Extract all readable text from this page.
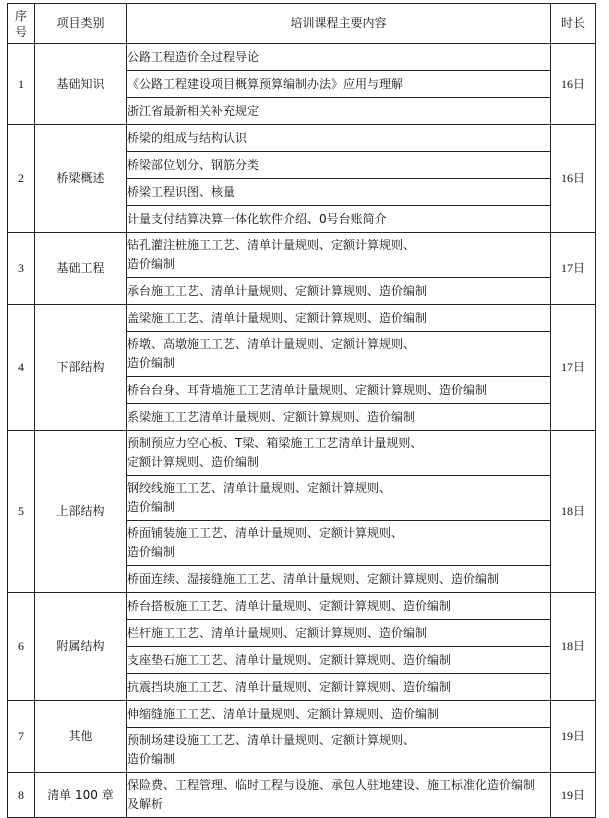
序
号	项目类别	培训课程主要内容	时长
1	基础知识	公路工程造价全过程导论	16日

		《公路工程建设项目概算预算编制办法》应用与理解	

		浙江省最新相关补充规定	

2	桥梁概述	桥梁的组成与结构认识	16日

		桥梁部位划分、钢筋分类	

		桥梁工程识图、核量	

		计量支付结算决算一体化软件介绍、0号台账简介	

3	基础工程	钻孔灌注桩施工工艺、清单计量规则、定额计算规则、
造价编制	17日

		承台施工工艺、清单计量规则、定额计算规则、造价编制	

4	下部结构	盖梁施工工艺、清单计量规则、定额计算规则、造价编制	17日

		桥墩、高墩施工工艺、清单计量规则、定额计算规则、
造价编制	

		桥台台身、耳背墙施工工艺清单计量规则、定额计算规则、造价编制	

		系梁施工工艺清单计量规则、定额计算规则、造价编制	

5	上部结构	预制预应力空心板、T梁、箱梁施工工艺清单计量规则、
定额计算规则、造价编制	18日

		钢绞线施工工艺、清单计量规则、定额计算规则、
造价编制	

		桥面铺装施工工艺、清单计量规则、定额计算规则、
造价编制	

		桥面连续、湿接缝施工工艺、清单计量规则、定额计算规则、造价编制	

6	附属结构	桥台搭板施工工艺、清单计量规则、定额计算规则、造价编制	18日

		栏杆施工工艺、清单计量规则、定额计算规则、造价编制	

		支座垫石施工工艺、清单计量规则、定额计算规则、造价编制	

		抗震挡块施工工艺、清单计量规则、定额计算规则、造价编制	

7	其他	伸缩缝施工工艺、清单计量规则、定额计算规则、造价编制	19日

		预制场建设施工工艺、清单计量规则、定额计算规则、
造价编制	

8	清单 100 章	保险费、工程管理、临时工程与设施、承包人驻地建设、施工标准化造价编制
及解析	19日
